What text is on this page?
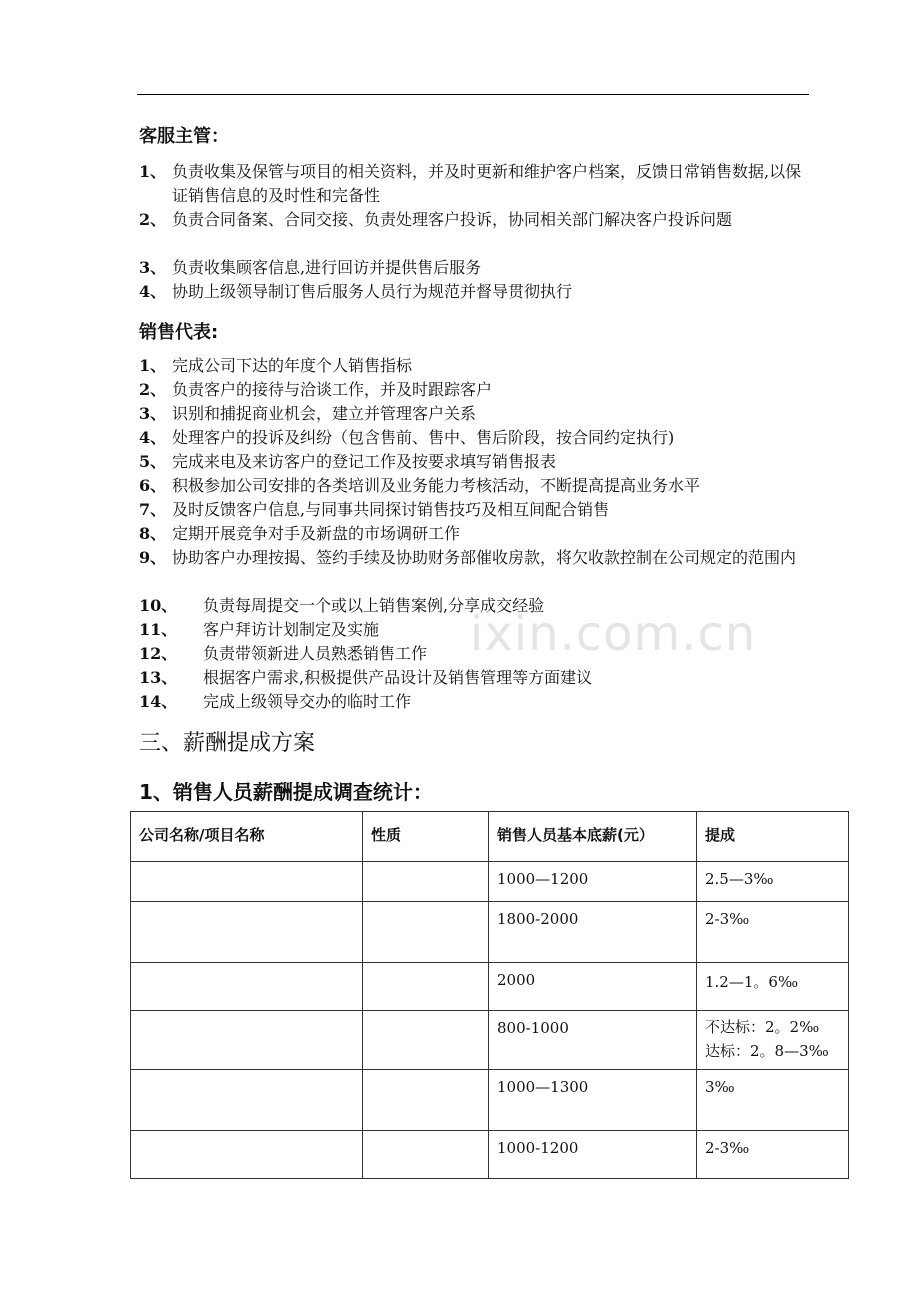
客服主管：
1、 负责收集及保管与项目的相关资料，并及时更新和维护客户档案，反馈日常销售数据,以保证销售信息的及时性和完备性
2、 负责合同备案、合同交接、负责处理客户投诉，协同相关部门解决客户投诉问题
3、 负责收集顾客信息,进行回访并提供售后服务
4、 协助上级领导制订售后服务人员行为规范并督导贯彻执行
销售代表:
1、 完成公司下达的年度个人销售指标
2、 负责客户的接待与洽谈工作，并及时跟踪客户
3、 识别和捕捉商业机会，建立并管理客户关系
4、 处理客户的投诉及纠纷（包含售前、售中、售后阶段，按合同约定执行)
5、 完成来电及来访客户的登记工作及按要求填写销售报表
6、 积极参加公司安排的各类培训及业务能力考核活动，不断提高提高业务水平
7、 及时反馈客户信息,与同事共同探讨销售技巧及相互间配合销售
8、 定期开展竞争对手及新盘的市场调研工作
9、 协助客户办理按揭、签约手续及协助财务部催收房款，将欠收款控制在公司规定的范围内
10、	负责每周提交一个或以上销售案例,分享成交经验
11、	客户拜访计划制定及实施
12、	负责带领新进人员熟悉销售工作
13、	根据客户需求,积极提供产品设计及销售管理等方面建议
14、	完成上级领导交办的临时工作
三、薪酬提成方案
1、销售人员薪酬提成调查统计：
公司名称/项目名称	性质	销售人员基本底薪(元）	提成
		1000—1200	2.5—3‰
		1800-2000	2-3‰
		2000	1.2—1。6‰
		800-1000	不达标：2。2‰
达标：2。8—3‰
		1000—1300	3‰
		1000-1200	2-3‰
ixin.com.cn
